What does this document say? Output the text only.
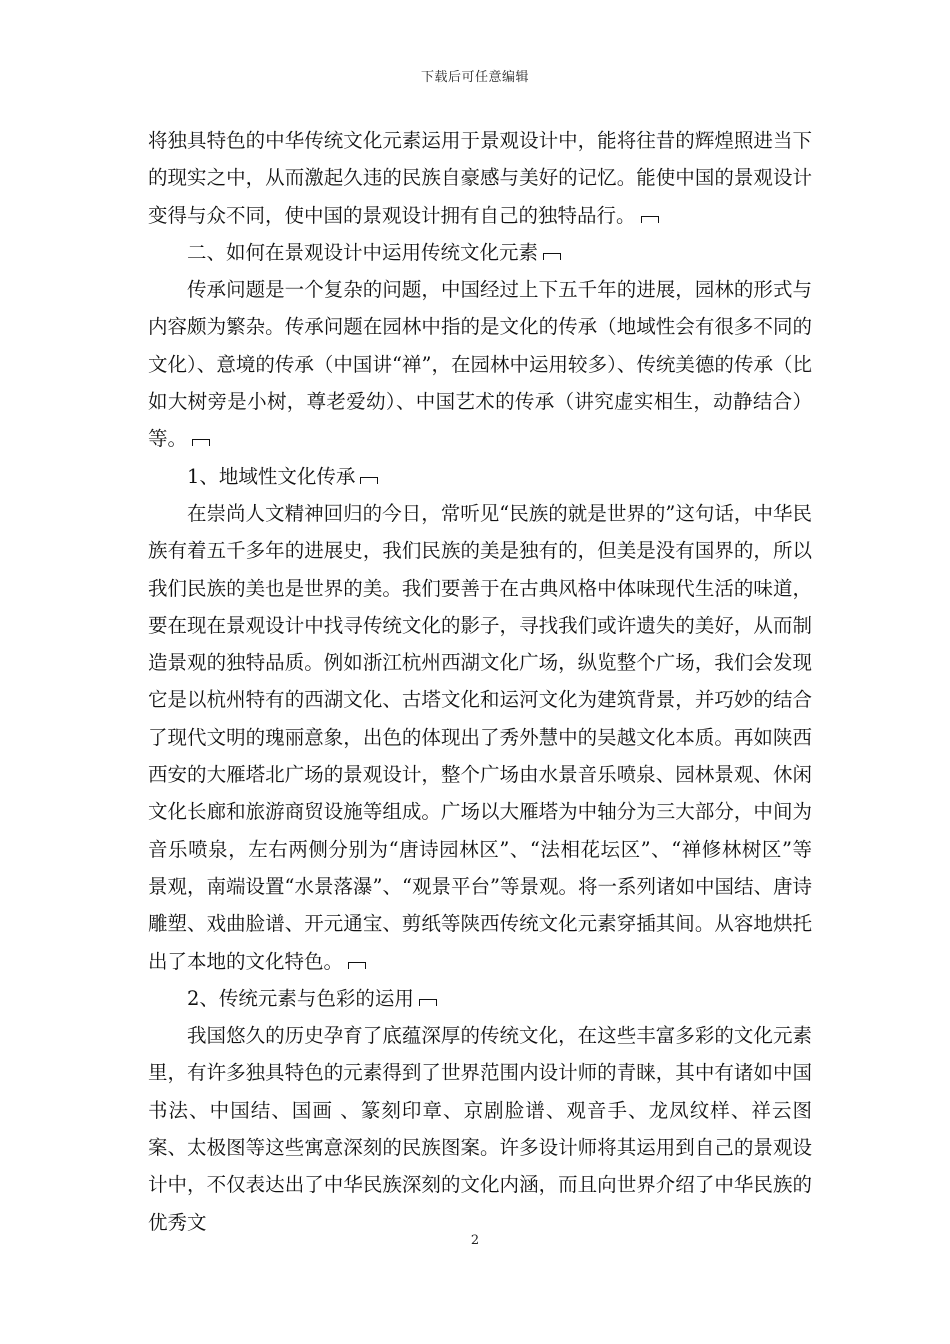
下载后可任意编辑

将独具特色的中华传统文化元素运用于景观设计中，能将往昔的辉煌照进当下的现实之中，从而激起久违的民族自豪感与美好的记忆。能使中国的景观设计变得与众不同，使中国的景观设计拥有自己的独特品行。

二、如何在景观设计中运用传统文化元素

传承问题是一个复杂的问题，中国经过上下五千年的进展，园林的形式与内容颇为繁杂。传承问题在园林中指的是文化的传承（地域性会有很多不同的文化）、意境的传承（中国讲“禅”，在园林中运用较多）、传统美德的传承（比如大树旁是小树，尊老爱幼）、中国艺术的传承（讲究虚实相生，动静结合）等。

1、地域性文化传承

在崇尚人文精神回归的今日，常听见“民族的就是世界的”这句话，中华民族有着五千多年的进展史，我们民族的美是独有的，但美是没有国界的，所以我们民族的美也是世界的美。我们要善于在古典风格中体味现代生活的味道，要在现在景观设计中找寻传统文化的影子，寻找我们或许遗失的美好，从而制造景观的独特品质。例如浙江杭州西湖文化广场，纵览整个广场，我们会发现它是以杭州特有的西湖文化、古塔文化和运河文化为建筑背景，并巧妙的结合了现代文明的瑰丽意象，出色的体现出了秀外慧中的吴越文化本质。再如陕西西安的大雁塔北广场的景观设计，整个广场由水景音乐喷泉、园林景观、休闲文化长廊和旅游商贸设施等组成。广场以大雁塔为中轴分为三大部分，中间为音乐喷泉，左右两侧分别为“唐诗园林区”、“法相花坛区”、“禅修林树区”等景观，南端设置“水景落瀑”、“观景平台”等景观。将一系列诸如中国结、唐诗雕塑、戏曲脸谱、开元通宝、剪纸等陕西传统文化元素穿插其间。从容地烘托出了本地的文化特色。

2、传统元素与色彩的运用

我国悠久的历史孕育了底蕴深厚的传统文化，在这些丰富多彩的文化元素里，有许多独具特色的元素得到了世界范围内设计师的青睐，其中有诸如中国书法、中国结、国画 、篆刻印章、京剧脸谱、观音手、龙凤纹样、祥云图案、太极图等这些寓意深刻的民族图案。许多设计师将其运用到自己的景观设计中，不仅表达出了中华民族深刻的文化内涵，而且向世界介绍了中华民族的优秀文

2
